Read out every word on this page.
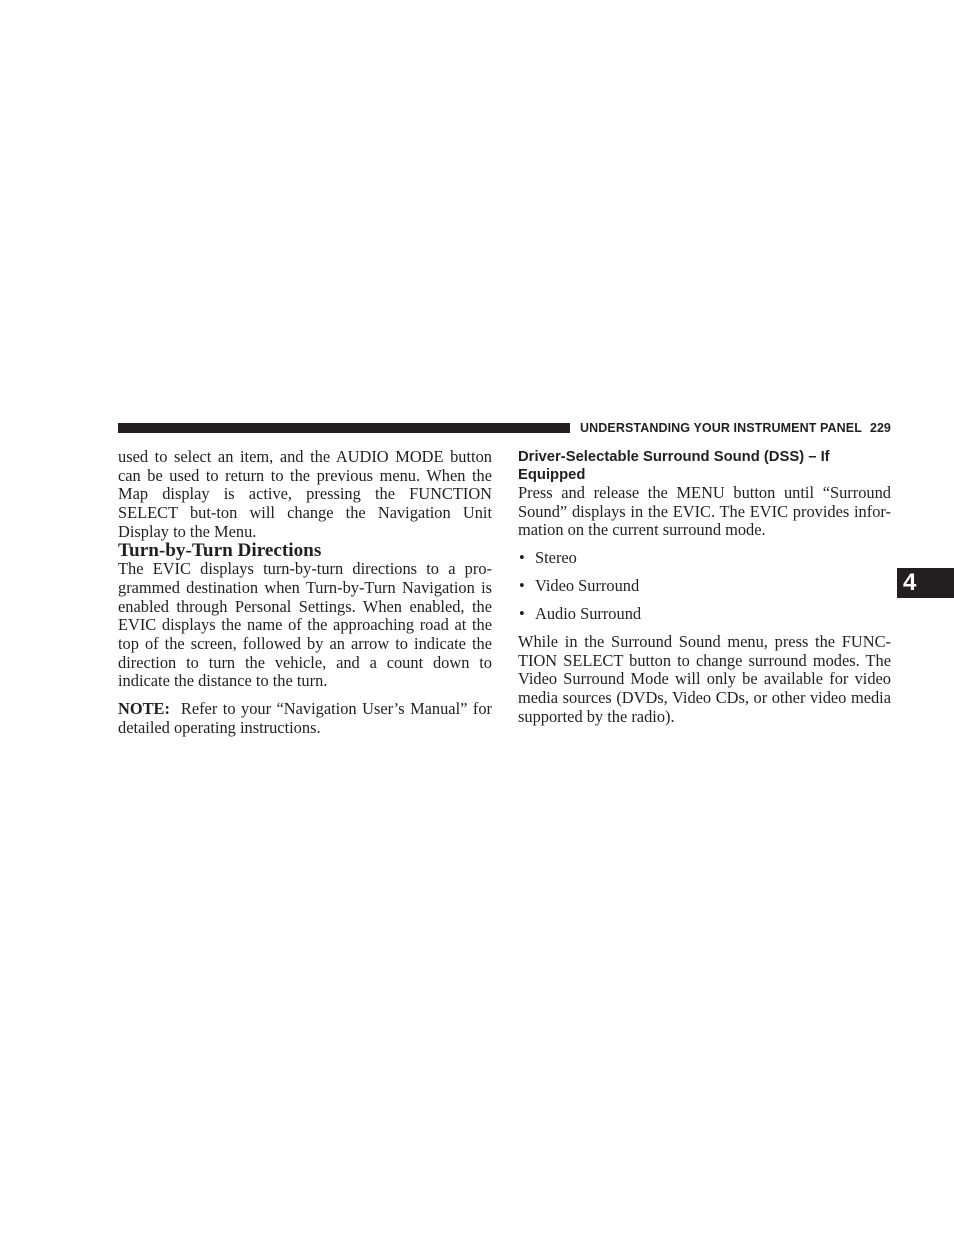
UNDERSTANDING YOUR INSTRUMENT PANEL 229
4

used to select an item, and the AUDIO MODE button can be used to return to the previous menu. When the Map display is active, pressing the FUNCTION SELECT but-ton will change the Navigation Unit Display to the Menu.

Turn-by-Turn Directions

The EVIC displays turn-by-turn directions to a pro-grammed destination when Turn-by-Turn Navigation is enabled through Personal Settings. When enabled, the EVIC displays the name of the approaching road at the top of the screen, followed by an arrow to indicate the direction to turn the vehicle, and a count down to indicate the distance to the turn.

NOTE: Refer to your “Navigation User’s Manual” for detailed operating instructions.

Driver-Selectable Surround Sound (DSS) – If Equipped

Press and release the MENU button until “Surround Sound” displays in the EVIC. The EVIC provides infor-mation on the current surround mode.

• Stereo
• Video Surround
• Audio Surround

While in the Surround Sound menu, press the FUNC-TION SELECT button to change surround modes. The Video Surround Mode will only be available for video media sources (DVDs, Video CDs, or other video media supported by the radio).
